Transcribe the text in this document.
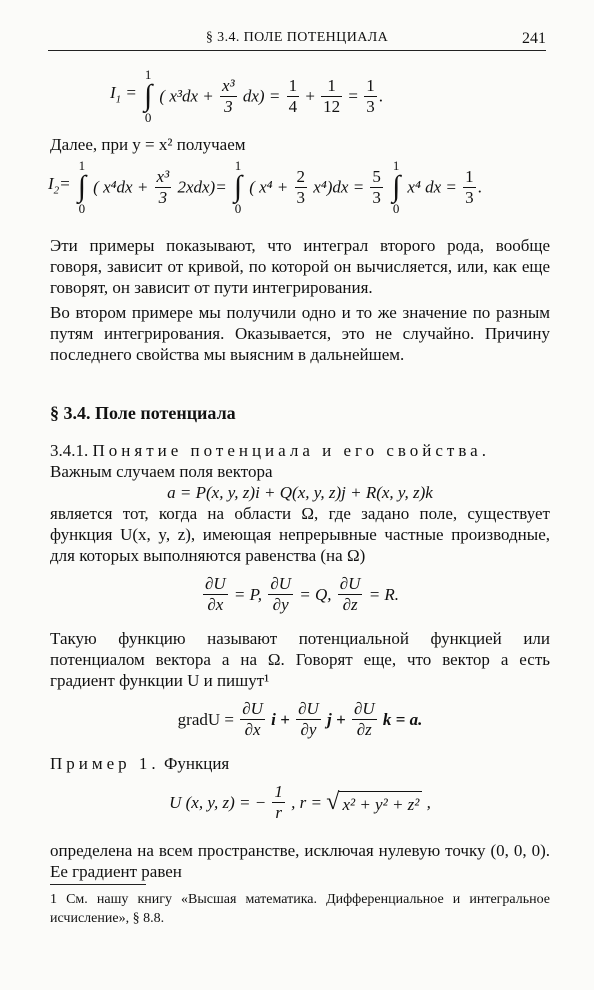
§ 3.4. ПОЛЕ ПОТЕНЦИАЛА	241
$I_1 = 1$
∫
0 ( $x^3dx + \frac{\text{x³}}{3} dx) = \frac{1}{4} + \frac{1}{12} = \frac{1}{3}$ .
Далее, при y = x² получаем
$I_2= 1$
∫
0 ( $x^4dx + \frac{\text{x³}}{3} 2xdx)= 1$
∫
0 ( $x^4 + \frac{2}{3} x^4)dx = \frac{5}{3}$
1
∫
0 x⁴ dx = $\frac{1}{3}$ .
Эти примеры показывают, что интеграл второго рода, вообще говоря, зависит от кривой, по которой он вычисляется, или, как еще говорят, он зависит от пути интегрирования.
Во втором примере мы получили одно и то же значение по разным путям интегрирования. Оказывается, это не случайно. Причину последнего свойства мы выясним в дальнейшем.
§ 3.4. Поле потенциала
3.4.1. Понятие потенциала и его свойства.
Важным случаем поля вектора
a = P(x, y, z)i + Q(x, y, z)j + R(x, y, z)k
является тот, когда на области Ω, где задано поле, существует функция U(x, y, z), имеющая непрерывные частные производные, для которых выполняются равенства (на Ω)
$\frac{\partial U}{\partial x} = P$, $\frac{\partial U}{\partial y} = Q$, $\frac{\partial U}{\partial z} = R$.
Такую функцию называют потенциальной функцией или потенциалом вектора a на Ω. Говорят еще, что вектор a есть градиент функции U и пишут¹
gradU = $\frac{\partial U}{\partial x}$ $i + \frac{\partial U}{\partial y}$ $j + \frac{\partial U}{\partial z}$ k = a.
Пример 1. Функция
U (x, y, z) = − $\frac{1}{r}$ , r = √ x² + y² + z² ,
определена на всем пространстве, исключая нулевую точку (0, 0, 0). Ее градиент равен
1 См. нашу книгу «Высшая математика. Дифференциальное и интегральное исчисление», § 8.8.
